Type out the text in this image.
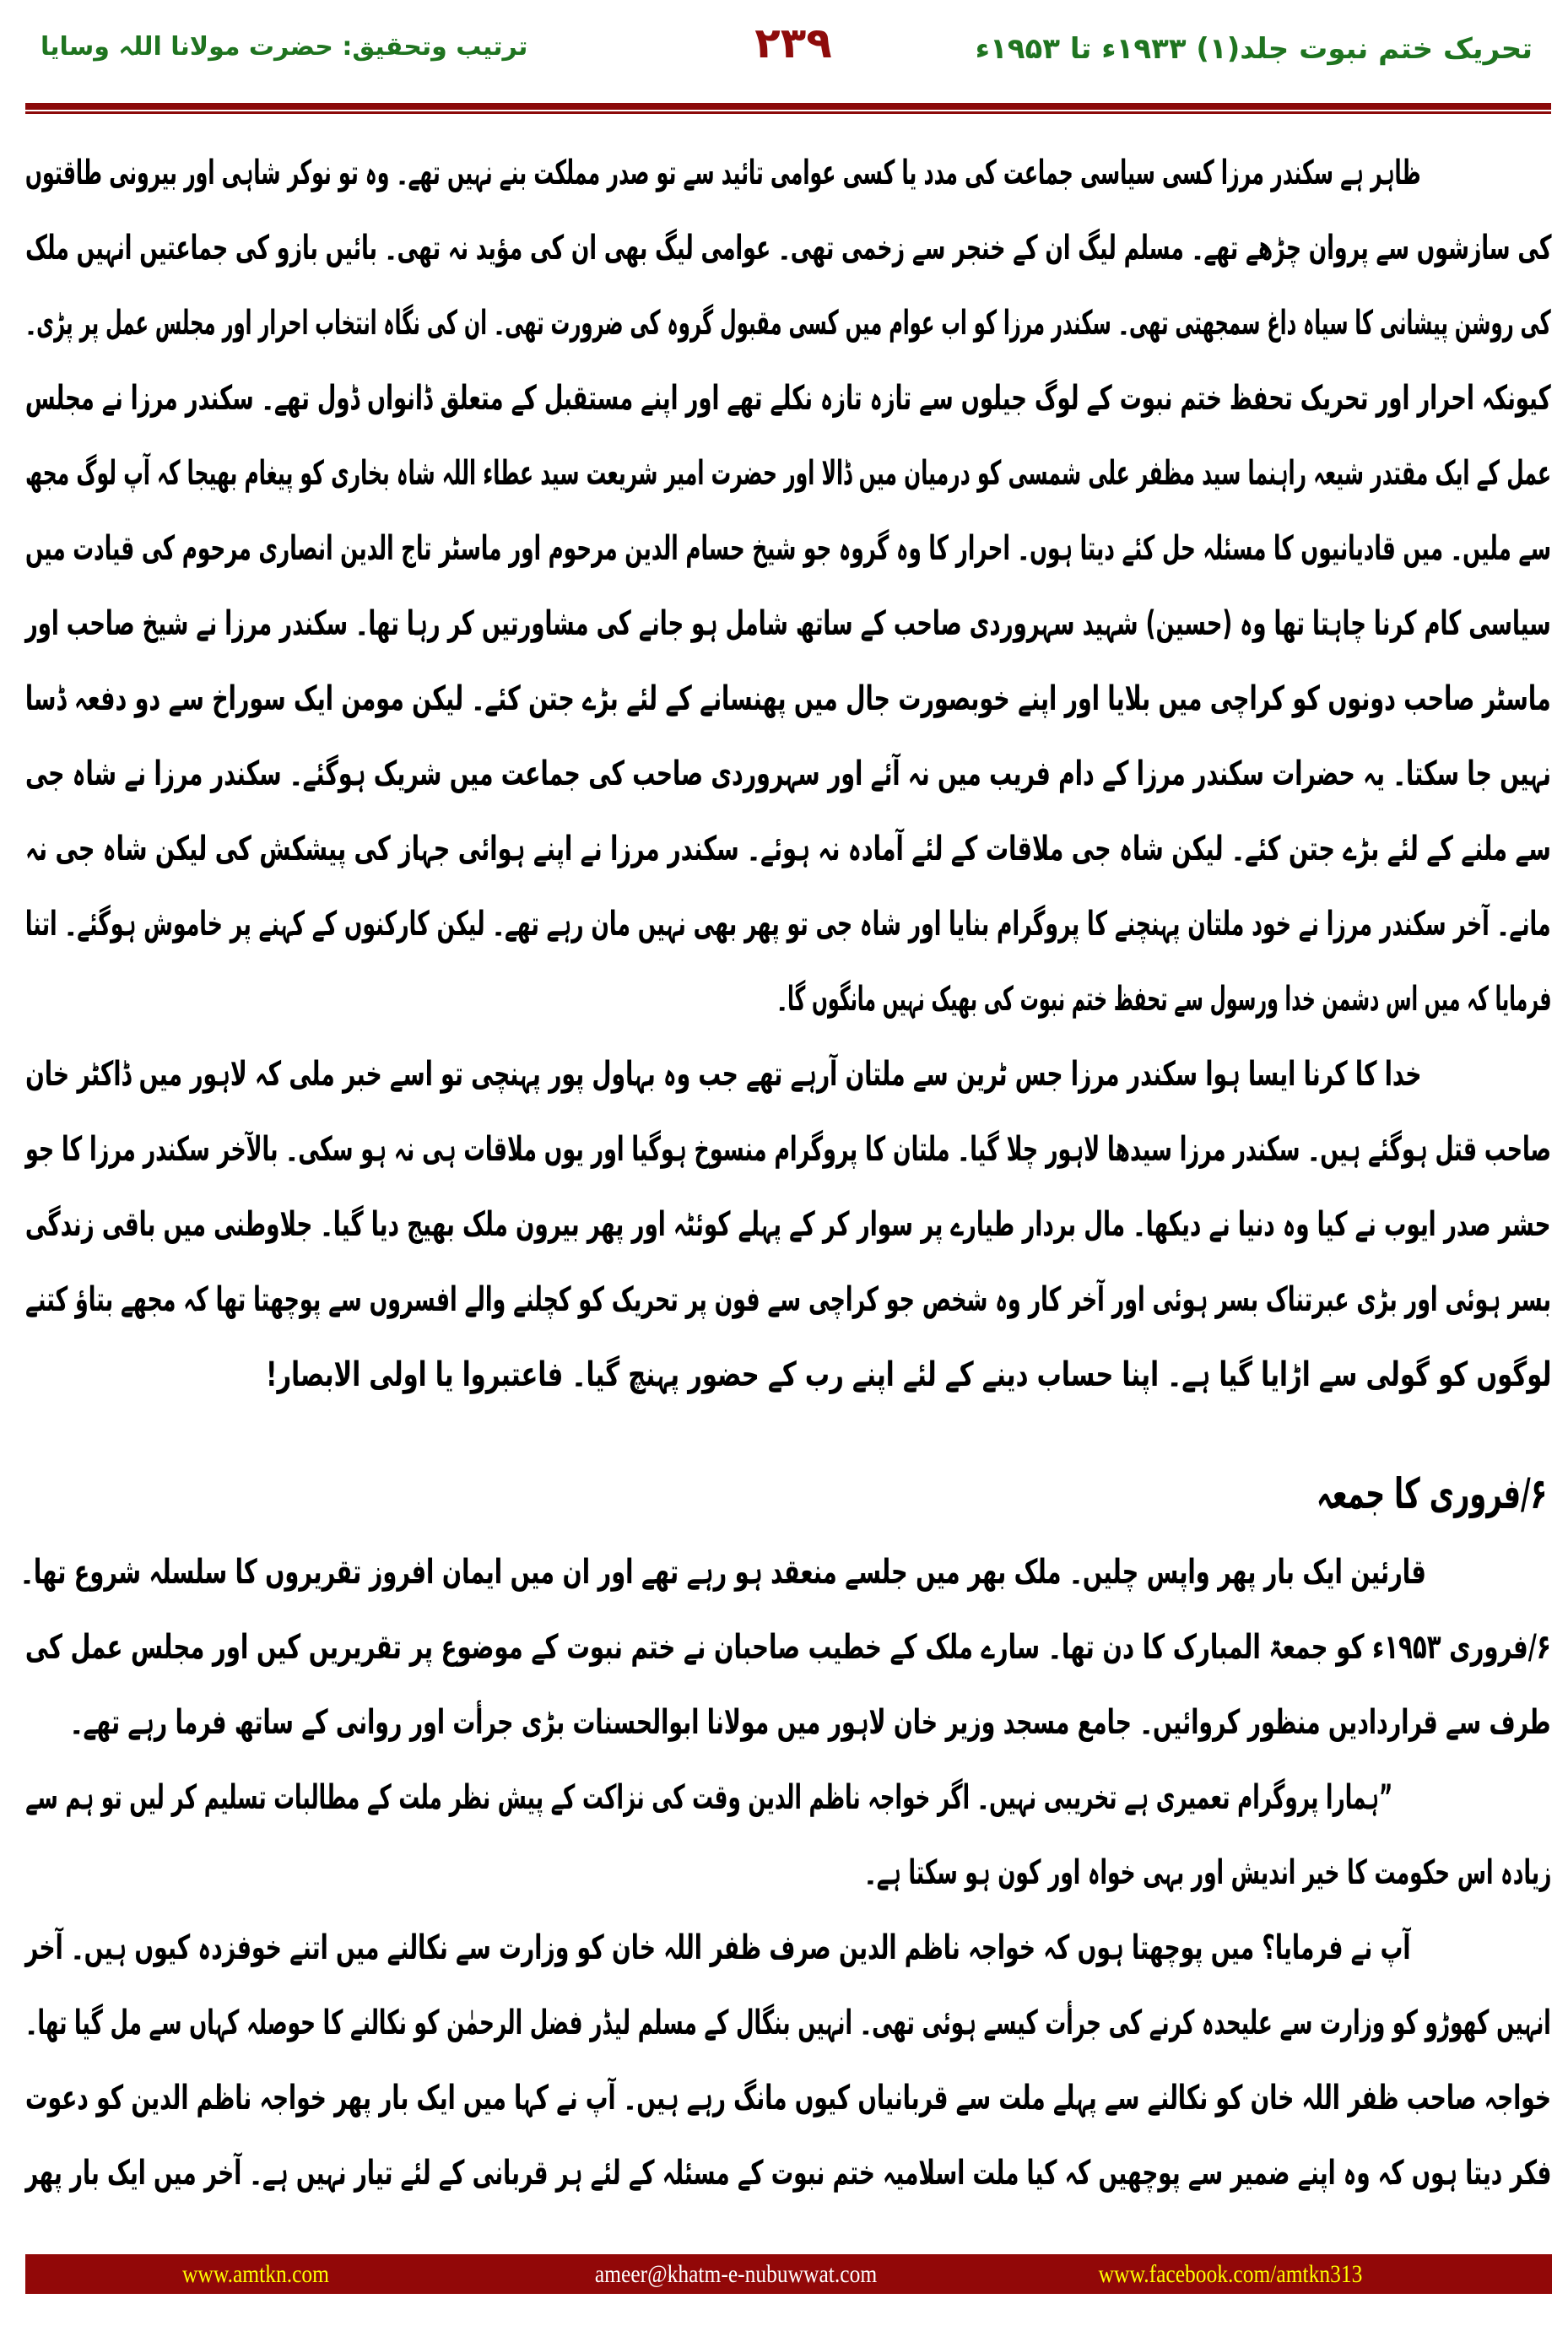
تحریک ختم نبوت جلد(۱) ۱۹۳۳ء تا ۱۹۵۳ء
۲۳۹
ترتیب وتحقیق: حضرت مولانا اللہ وسایا
ظاہر ہے سکندر مرزا کسی سیاسی جماعت کی مدد یا کسی عوامی تائید سے تو صدر مملکت بنے نہیں تھے۔ وہ تو نوکر شاہی اور بیرونی طاقتوں
کی سازشوں سے پروان چڑھے تھے۔ مسلم لیگ ان کے خنجر سے زخمی تھی۔ عوامی لیگ بھی ان کی مؤید نہ تھی۔ بائیں بازو کی جماعتیں انہیں ملک
کی روشن پیشانی کا سیاہ داغ سمجھتی تھی۔ سکندر مرزا کو اب عوام میں کسی مقبول گروہ کی ضرورت تھی۔ ان کی نگاہ انتخاب احرار اور مجلس عمل پر پڑی۔
کیونکہ احرار اور تحریک تحفظ ختم نبوت کے لوگ جیلوں سے تازہ تازہ نکلے تھے اور اپنے مستقبل کے متعلق ڈانواں ڈول تھے۔ سکندر مرزا نے مجلس
عمل کے ایک مقتدر شیعہ راہنما سید مظفر علی شمسی کو درمیان میں ڈالا اور حضرت امیر شریعت سید عطاء اللہ شاہ بخاری کو پیغام بھیجا کہ آپ لوگ مجھ
سے ملیں۔ میں قادیانیوں کا مسئلہ حل کئے دیتا ہوں۔ احرار کا وہ گروہ جو شیخ حسام الدین مرحوم اور ماسٹر تاج الدین انصاری مرحوم کی قیادت میں
سیاسی کام کرنا چاہتا تھا وہ (حسین) شہید سہروردی صاحب کے ساتھ شامل ہو جانے کی مشاورتیں کر رہا تھا۔ سکندر مرزا نے شیخ صاحب اور
ماسٹر صاحب دونوں کو کراچی میں بلایا اور اپنے خوبصورت جال میں پھنسانے کے لئے بڑے جتن کئے۔ لیکن مومن ایک سوراخ سے دو دفعہ ڈسا
نہیں جا سکتا۔ یہ حضرات سکندر مرزا کے دام فریب میں نہ آئے اور سہروردی صاحب کی جماعت میں شریک ہوگئے۔ سکندر مرزا نے شاہ جی
سے ملنے کے لئے بڑے جتن کئے۔ لیکن شاہ جی ملاقات کے لئے آمادہ نہ ہوئے۔ سکندر مرزا نے اپنے ہوائی جہاز کی پیشکش کی لیکن شاہ جی نہ
مانے۔ آخر سکندر مرزا نے خود ملتان پہنچنے کا پروگرام بنایا اور شاہ جی تو پھر بھی نہیں مان رہے تھے۔ لیکن کارکنوں کے کہنے پر خاموش ہوگئے۔ اتنا
فرمایا کہ میں اس دشمن خدا ورسول سے تحفظ ختم نبوت کی بھیک نہیں مانگوں گا۔
خدا کا کرنا ایسا ہوا سکندر مرزا جس ٹرین سے ملتان آرہے تھے جب وہ بہاول پور پہنچی تو اسے خبر ملی کہ لاہور میں ڈاکٹر خان
صاحب قتل ہوگئے ہیں۔ سکندر مرزا سیدھا لاہور چلا گیا۔ ملتان کا پروگرام منسوخ ہوگیا اور یوں ملاقات ہی نہ ہو سکی۔ بالآخر سکندر مرزا کا جو
حشر صدر ایوب نے کیا وہ دنیا نے دیکھا۔ مال بردار طیارے پر سوار کر کے پہلے کوئٹہ اور پھر بیرون ملک بھیج دیا گیا۔ جلاوطنی میں باقی زندگی
بسر ہوئی اور بڑی عبرتناک بسر ہوئی اور آخر کار وہ شخص جو کراچی سے فون پر تحریک کو کچلنے والے افسروں سے پوچھتا تھا کہ مجھے بتاؤ کتنے
لوگوں کو گولی سے اڑایا گیا ہے۔ اپنا حساب دینے کے لئے اپنے رب کے حضور پہنچ گیا۔ فاعتبروا یا اولی الابصار!
۶/فروری کا جمعہ
قارئین ایک بار پھر واپس چلیں۔ ملک بھر میں جلسے منعقد ہو رہے تھے اور ان میں ایمان افروز تقریروں کا سلسلہ شروع تھا۔
۶/فروری ۱۹۵۳ء کو جمعۃ المبارک کا دن تھا۔ سارے ملک کے خطیب صاحبان نے ختم نبوت کے موضوع پر تقریریں کیں اور مجلس عمل کی
طرف سے قراردادیں منظور کروائیں۔ جامع مسجد وزیر خان لاہور میں مولانا ابوالحسنات بڑی جرأت اور روانی کے ساتھ فرما رہے تھے۔
”ہمارا پروگرام تعمیری ہے تخریبی نہیں۔ اگر خواجہ ناظم الدین وقت کی نزاکت کے پیش نظر ملت کے مطالبات تسلیم کر لیں تو ہم سے
زیادہ اس حکومت کا خیر اندیش اور بہی خواہ اور کون ہو سکتا ہے۔
آپ نے فرمایا؟ میں پوچھتا ہوں کہ خواجہ ناظم الدین صرف ظفر اللہ خان کو وزارت سے نکالنے میں اتنے خوفزدہ کیوں ہیں۔ آخر
انہیں کھوڑو کو وزارت سے علیحدہ کرنے کی جرأت کیسے ہوئی تھی۔ انہیں بنگال کے مسلم لیڈر فضل الرحمٰن کو نکالنے کا حوصلہ کہاں سے مل گیا تھا۔
خواجہ صاحب ظفر اللہ خان کو نکالنے سے پہلے ملت سے قربانیاں کیوں مانگ رہے ہیں۔ آپ نے کہا میں ایک بار پھر خواجہ ناظم الدین کو دعوت
فکر دیتا ہوں کہ وہ اپنے ضمیر سے پوچھیں کہ کیا ملت اسلامیہ ختم نبوت کے مسئلہ کے لئے ہر قربانی کے لئے تیار نہیں ہے۔ آخر میں ایک بار پھر
www.amtkn.com	ameer@khatm-e-nubuwwat.com	www.facebook.com/amtkn313
